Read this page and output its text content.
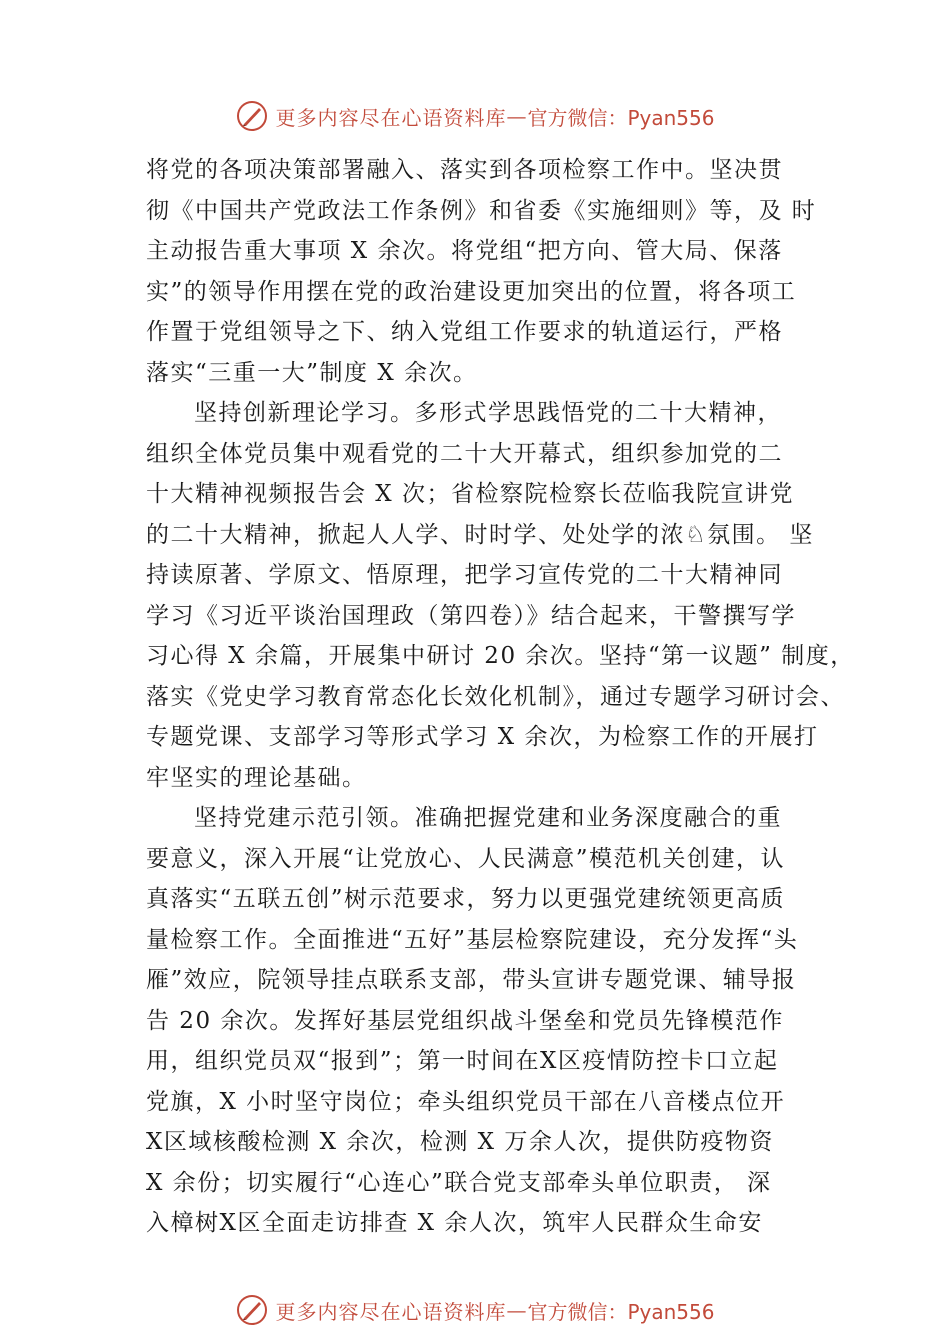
更多内容尽在心语资料库 — 官方微信：Pyan556
将党的各项决策部署融入、落实到各项检察工作中。坚决贯
彻《中国共产党政法工作条例》和省委《实施细则》等，及 时
主动报告重大事项 X 余次。将党组“把方向、管大局、保落
实”的领导作用摆在党的政治建设更加突出的位置，将各项工
作置于党组领导之下、纳入党组工作要求的轨道运行，严格
落实“三重一大”制度 X 余次。
坚持创新理论学习。多形式学思践悟党的二十大精神，
组织全体党员集中观看党的二十大开幕式，组织参加党的二
十大精神视频报告会 X 次；省检察院检察长莅临我院宣讲党
的二十大精神，掀起人人学、时时学、处处学的浓♘氛围。 坚
持读原著、学原文、悟原理，把学习宣传党的二十大精神同
学习《习近平谈治国理政（第四卷）》结合起来，干警撰写学
习心得 X 余篇，开展集中研讨 20 余次。坚持“第一议题” 制度，
落实《党史学习教育常态化长效化机制》，通过专题学习研讨会、
专题党课、支部学习等形式学习 X 余次，为检察工作的开展打
牢坚实的理论基础。
坚持党建示范引领。准确把握党建和业务深度融合的重
要意义，深入开展“让党放心、人民满意”模范机关创建，认
真落实“五联五创”树示范要求，努力以更强党建统领更高质
量检察工作。全面推进“五好”基层检察院建设，充分发挥“头
雁”效应，院领导挂点联系支部，带头宣讲专题党课、辅导报
告 20 余次。发挥好基层党组织战斗堡垒和党员先锋模范作
用，组织党员双“报到”；第一时间在Ⅹ区疫情防控卡口立起
党旗，X 小时坚守岗位；牵头组织党员干部在八音楼点位开
Ⅹ区域核酸检测 X 余次，检测 X 万余人次，提供防疫物资
X 余份；切实履行“心连心”联合党支部牵头单位职责， 深
入樟树Ⅹ区全面走访排查 X 余人次，筑牢人民群众生命安
更多内容尽在心语资料库 — 官方微信：Pyan556
